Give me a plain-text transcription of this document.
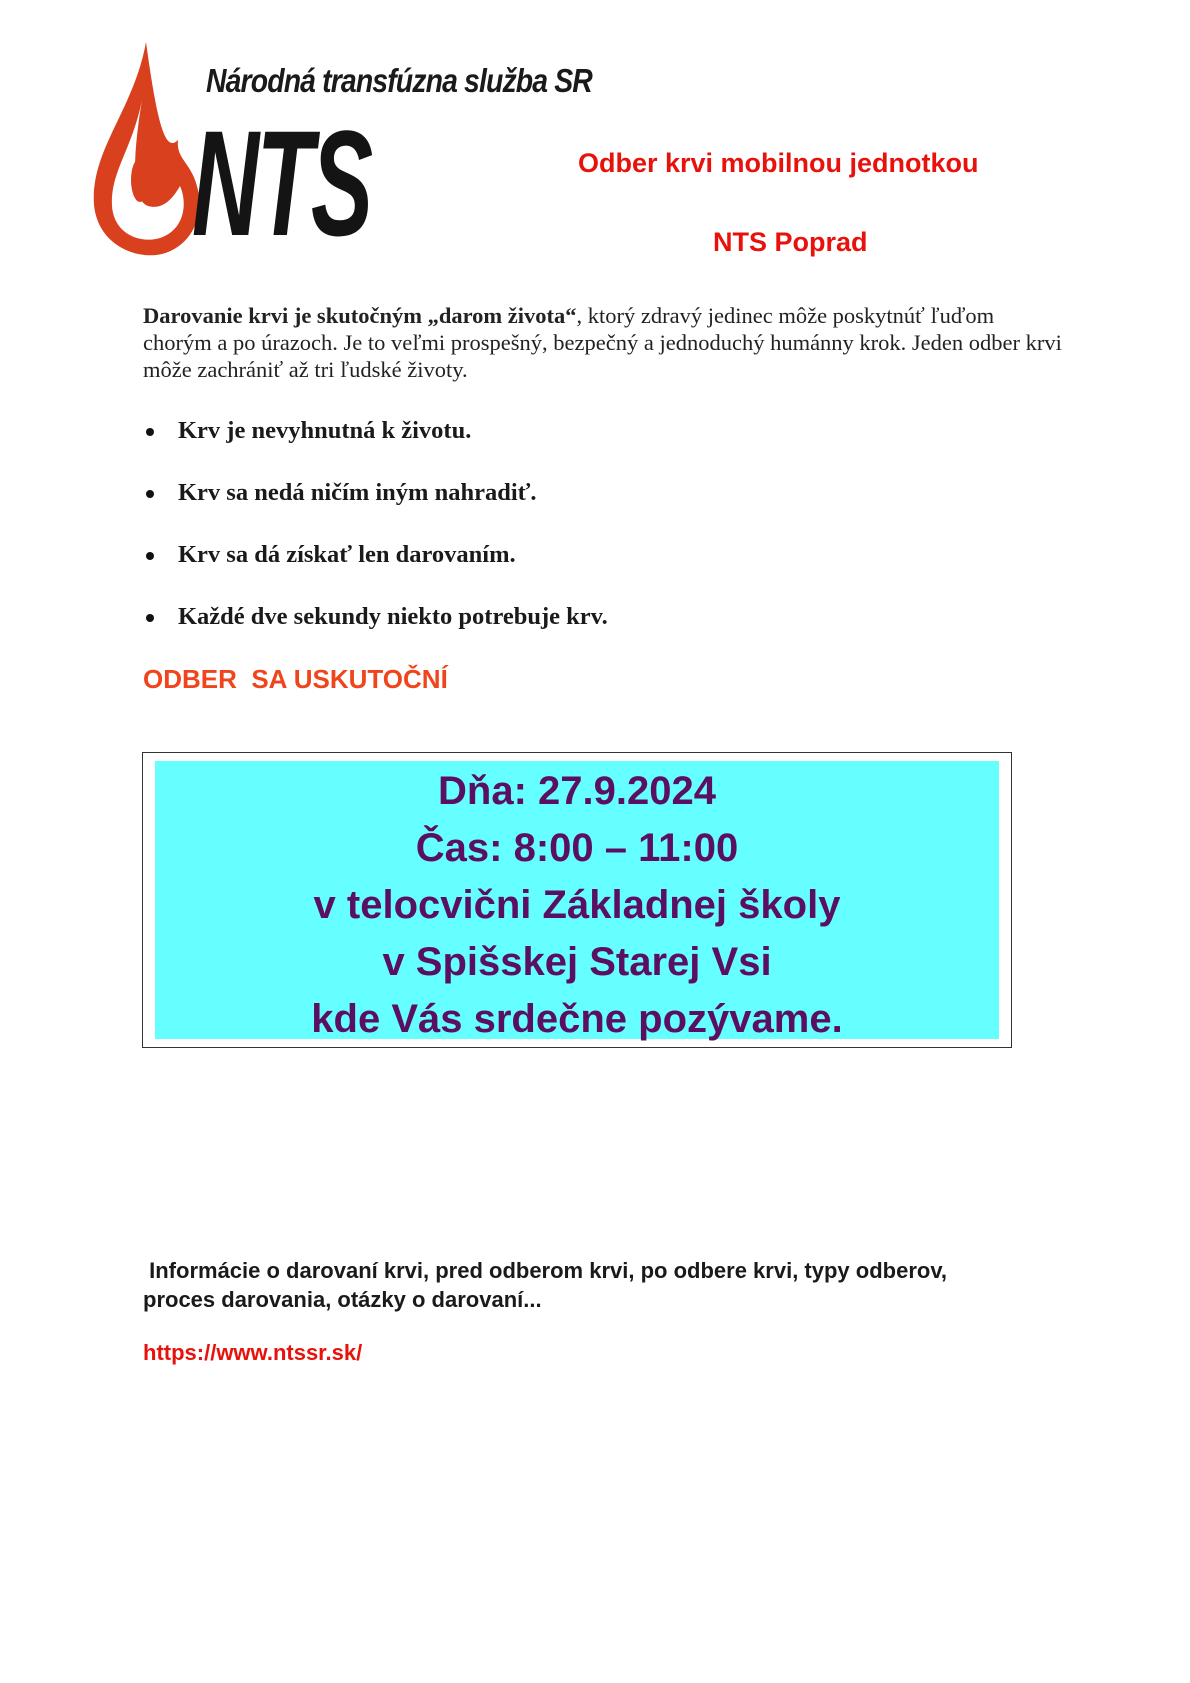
Národná transfúzna služba SR
NTS	Odber krvi mobilnou jednotkou
NTS Poprad
Darovanie krvi je skutočným „darom života“, ktorý zdravý jedinec môže poskytnúť ľuďom chorým a po úrazoch. Je to veľmi prospešný, bezpečný a jednoduchý humánny krok. Jeden odber krvi môže zachrániť až tri ľudské životy.
Krv je nevyhnutná k životu.
Krv sa nedá ničím iným nahradiť.
Krv sa dá získať len darovaním.
Každé dve sekundy niekto potrebuje krv.
ODBER  SA USKUTOČNÍ
Dňa: 27.9.2024
Čas: 8:00 – 11:00
v telocvični Základnej školy
v Spišskej Starej Vsi
kde Vás srdečne pozývame.
Informácie o darovaní krvi, pred odberom krvi, po odbere krvi, typy odberov,
proces darovania, otázky o darovaní...
https://www.ntssr.sk/
